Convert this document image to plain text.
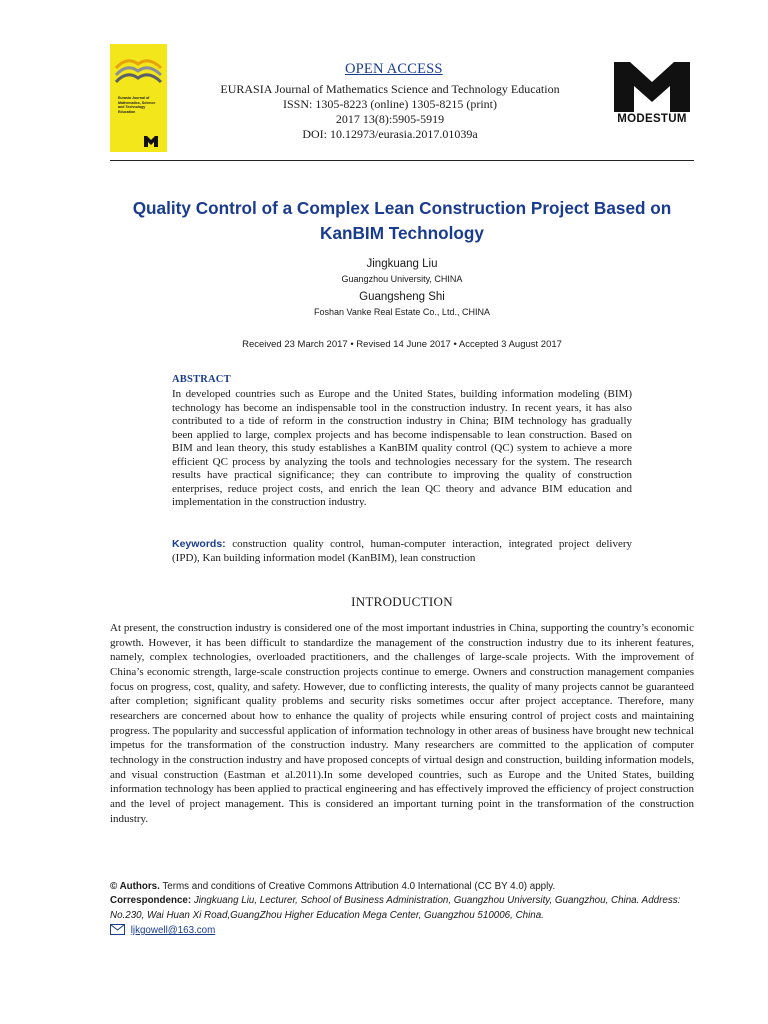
Eurasia Journal of Mathematics, Science and Technology Education
OPEN ACCESS
EURASIA Journal of Mathematics Science and Technology Education
ISSN: 1305-8223 (online) 1305-8215 (print)
2017 13(8):5905-5919
DOI: 10.12973/eurasia.2017.01039a
MODESTUM
Quality Control of a Complex Lean Construction Project Based on KanBIM Technology
Jingkuang Liu
Guangzhou University, CHINA
Guangsheng Shi
Foshan Vanke Real Estate Co., Ltd., CHINA
Received 23 March 2017 • Revised 14 June 2017 • Accepted 3 August 2017
ABSTRACT
In developed countries such as Europe and the United States, building information modeling (BIM) technology has become an indispensable tool in the construction industry. In recent years, it has also contributed to a tide of reform in the construction industry in China; BIM technology has gradually been applied to large, complex projects and has become indispensable to lean construction. Based on BIM and lean theory, this study establishes a KanBIM quality control (QC) system to achieve a more efficient QC process by analyzing the tools and technologies necessary for the system. The research results have practical significance; they can contribute to improving the quality of construction enterprises, reduce project costs, and enrich the lean QC theory and advance BIM education and implementation in the construction industry.
Keywords: construction quality control, human-computer interaction, integrated project delivery (IPD), Kan building information model (KanBIM), lean construction
INTRODUCTION
At present, the construction industry is considered one of the most important industries in China, supporting the country’s economic growth. However, it has been difficult to standardize the management of the construction industry due to its inherent features, namely, complex technologies, overloaded practitioners, and the challenges of large-scale projects. With the improvement of China’s economic strength, large-scale construction projects continue to emerge. Owners and construction management companies focus on progress, cost, quality, and safety. However, due to conflicting interests, the quality of many projects cannot be guaranteed after completion; significant quality problems and security risks sometimes occur after project acceptance. Therefore, many researchers are concerned about how to enhance the quality of projects while ensuring control of project costs and maintaining progress. The popularity and successful application of information technology in other areas of business have brought new technical impetus for the transformation of the construction industry. Many researchers are committed to the application of computer technology in the construction industry and have proposed concepts of virtual design and construction, building information models, and visual construction (Eastman et al.2011).In some developed countries, such as Europe and the United States, building information technology has been applied to practical engineering and has effectively improved the efficiency of project construction and the level of project management. This is considered an important turning point in the transformation of the construction industry.
© Authors. Terms and conditions of Creative Commons Attribution 4.0 International (CC BY 4.0) apply.
Correspondence: Jingkuang Liu, Lecturer, School of Business Administration, Guangzhou University, Guangzhou, China. Address: No.230, Wai Huan Xi Road,GuangZhou Higher Education Mega Center, Guangzhou 510006, China.
ljkgowell@163.com
